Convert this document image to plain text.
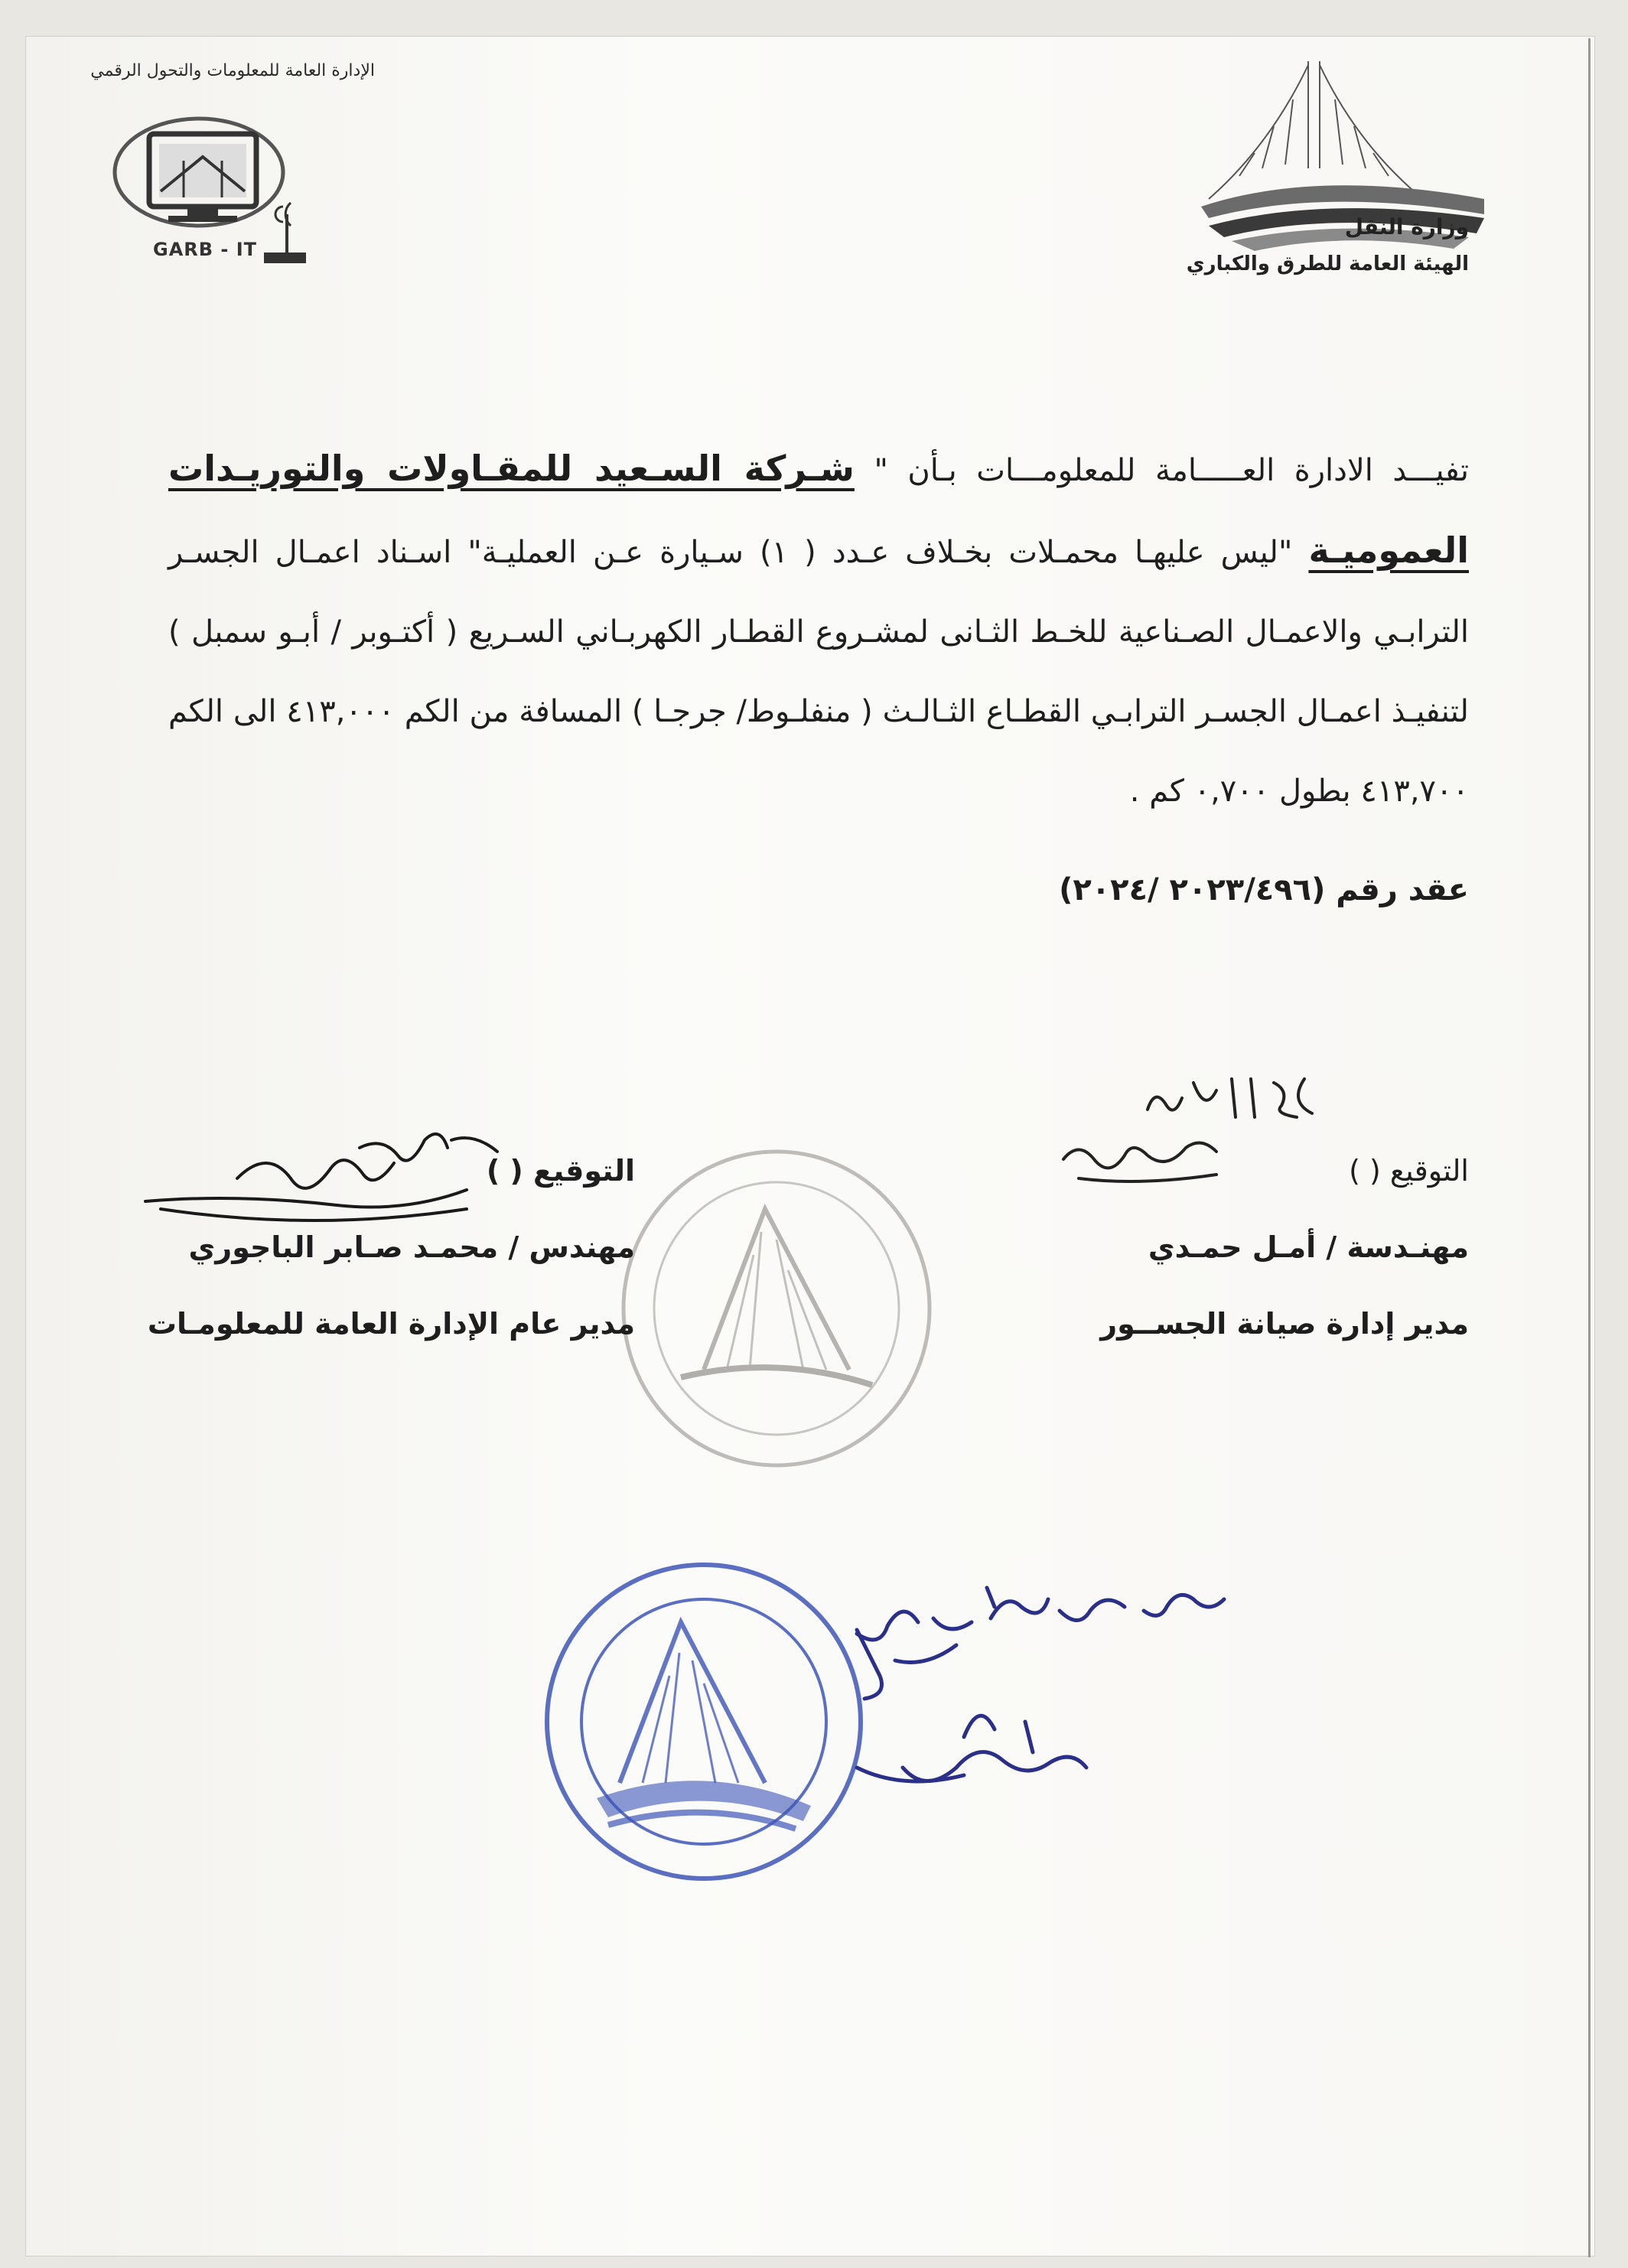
الإدارة العامة للمعلومات والتحول الرقمي
GARB - IT
وزارة النقل
الهيئة العامة للطرق والكباري
تفيـــد الادارة العـــــامة للمعلومـــات بـأن " شـركة السـعيد للمقـاولات والتوريـدات العموميـة "ليس عليهـا محمـلات بخـلاف عـدد ( ١) سـيارة عـن العمليـة" اسـناد اعمـال الجسـر الترابـي والاعمـال الصـناعية للخـط الثـانى لمشـروع القطـار الكهربـاني السـريع ( أكتـوبر / أبـو سمبل ) لتنفيـذ اعمـال الجسـر الترابـي القطـاع الثـالـث ( منفلـوط/ جرجـا ) المسافة من الكم ٤١٣,٠٠٠ الى الكم ٤١٣,٧٠٠ بطول ٠,٧٠٠ كم .
عقد رقم (٢٠٢٣/٤٩٦ /٢٠٢٤)
التوقيع ( )
مهنـدسة / أمـل حمـدي
مدير إدارة صيانة الجســور
التوقيع ( )
مهندس / محمـد صـابر الباجوري
مدير عام الإدارة العامة للمعلومـات
